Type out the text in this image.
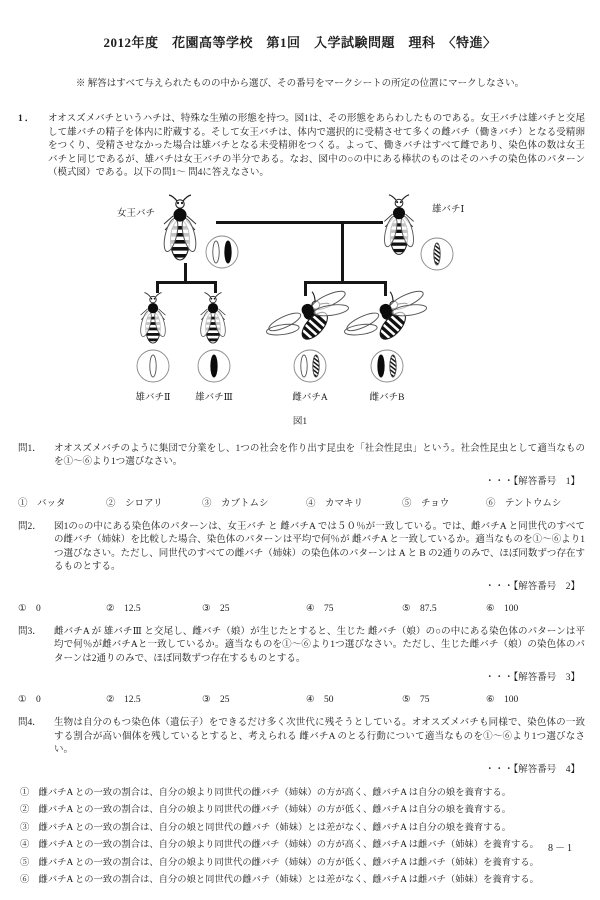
2012年度　花園高等学校　第1回　入学試験問題　理科　〈特進〉
※ 解答はすべて与えられたものの中から選び、その番号をマークシートの所定の位置にマークしなさい。
1．	オオスズメバチというハチは、特殊な生殖の形態を持つ。図1は、その形態をあらわしたものである。女王バチは雄バチと交尾して雄バチの精子を体内に貯蔵する。そして女王バチは、体内で選択的に受精させて多くの雌バチ（働きバチ）となる受精卵をつくり、受精させなかった場合は雄バチとなる未受精卵をつくる。よって、働きバチはすべて雌であり、染色体の数は女王バチと同じであるが、雄バチは女王バチの半分である。なお、図中の○の中にある棒状のものはそのハチの染色体のパターン（模式図）である。以下の問1～ 問4に答えなさい。
女王バチ	雄バチⅠ
雄バチⅡ	雄バチⅢ	雌バチA	雌バチB
図1
問1．	オオスズメバチのように集団で分業をし、1つの社会を作り出す昆虫を「社会性昆虫」という。社会性昆虫として適当なものを①～⑥より1つ選びなさい。
・・・【解答番号　1】
①　バッタ	②　シロアリ	③　カブトムシ	④　カマキリ	⑤　チョウ	⑥　テントウムシ
問2．	図1の○の中にある染色体のパターンは、女王バチ と 雌バチA では５０％が一致している。では、雌バチA と同世代のすべての雌バチ（姉妹）を比較した場合、染色体のパターンは平均で何％が 雌バチA と一致しているか。適当なものを①～⑥より1つ選びなさい。ただし、同世代のすべての雌バチ（姉妹）の染色体のパターンは A と B の2通りのみで、ほぼ同数ずつ存在するものとする。
・・・【解答番号　2】
①　0	②　12.5	③　25	④　75	⑤　87.5	⑥　100
問3．	雌バチA が 雄バチⅢ と交尾し、雌バチ（娘）が生じたとすると、生じた 雌バチ（娘）の○の中にある染色体のパターンは平均で何％が雌バチAと一致しているか。適当なものを①～⑥より1つ選びなさい。ただし、生じた雌バチ（娘）の染色体のパターンは2通りのみで、ほぼ同数ずつ存在するものとする。
・・・【解答番号　3】
①　0	②　12.5	③　25	④　50	⑤　75	⑥　100
問4．	生物は自分のもつ染色体（遺伝子）をできるだけ多く次世代に残そうとしている。オオスズメバチも同様で、染色体の一致する割合が高い個体を残しているとすると、考えられる 雌バチA のとる行動について適当なものを①～⑥より1つ選びなさい。
・・・【解答番号　4】
①　雌バチA との一致の割合は、自分の娘より同世代の雌バチ（姉妹）の方が高く、雌バチA は自分の娘を養育する。
②　雌バチA との一致の割合は、自分の娘より同世代の雌バチ（姉妹）の方が低く、雌バチA は自分の娘を養育する。
③　雌バチA との一致の割合は、自分の娘と同世代の雌バチ（姉妹）とは差がなく、雌バチA は自分の娘を養育する。
④　雌バチA との一致の割合は、自分の娘より同世代の雌バチ（姉妹）の方が高く、雌バチA は雌バチ（姉妹）を養育する。
⑤　雌バチA との一致の割合は、自分の娘より同世代の雌バチ（姉妹）の方が低く、雌バチA は雌バチ（姉妹）を養育する。
⑥　雌バチA との一致の割合は、自分の娘と同世代の雌バチ（姉妹）とは差がなく、雌バチA は雌バチ（姉妹）を養育する。
8－1
